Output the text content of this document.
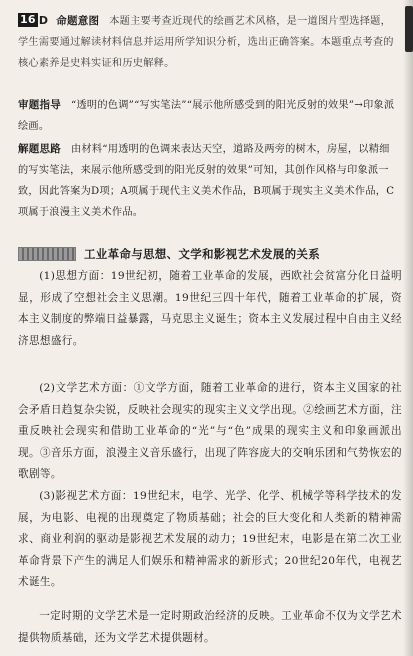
16 D 命题意图 本题主要考查近现代的绘画艺术风格，是一道图片型选择题，学生需要通过解读材料信息并运用所学知识分析，选出正确答案。本题重点考查的核心素养是史料实证和历史解释。
审题指导 “透明的色调”“写实笔法”“展示他所感受到的阳光反射的效果”→印象派绘画。
解题思路 由材料“用透明的色调来表达天空，道路及两旁的树木，房屋，以精细的写实笔法，来展示他所感受到的阳光反射的效果”可知，其创作风格与印象派一致，因此答案为D项；A项属于现代主义美术作品，B项属于现实主义美术作品，C项属于浪漫主义美术作品。
工业革命与思想、文学和影视艺术发展的关系
(1)思想方面：19世纪初，随着工业革命的发展，西欧社会贫富分化日益明显，形成了空想社会主义思潮。19世纪三四十年代，随着工业革命的扩展，资本主义制度的弊端日益暴露，马克思主义诞生；资本主义发展过程中自由主义经济思想盛行。
(2)文学艺术方面：①文学方面，随着工业革命的进行，资本主义国家的社会矛盾日趋复杂尖锐，反映社会现实的现实主义文学出现。②绘画艺术方面，注重反映社会现实和借助工业革命的“光”与“色”成果的现实主义和印象画派出现。③音乐方面，浪漫主义音乐盛行，出现了阵容庞大的交响乐团和气势恢宏的歌剧等。
(3)影视艺术方面：19世纪末，电学、光学、化学、机械学等科学技术的发展，为电影、电视的出现奠定了物质基础；社会的巨大变化和人类新的精神需求、商业利润的驱动是影视艺术发展的动力；19世纪末，电影是在第二次工业革命背景下产生的满足人们娱乐和精神需求的新形式；20世纪20年代，电视艺术诞生。
一定时期的文学艺术是一定时期政治经济的反映。工业革命不仅为文学艺术提供物质基础，还为文学艺术提供题材。
